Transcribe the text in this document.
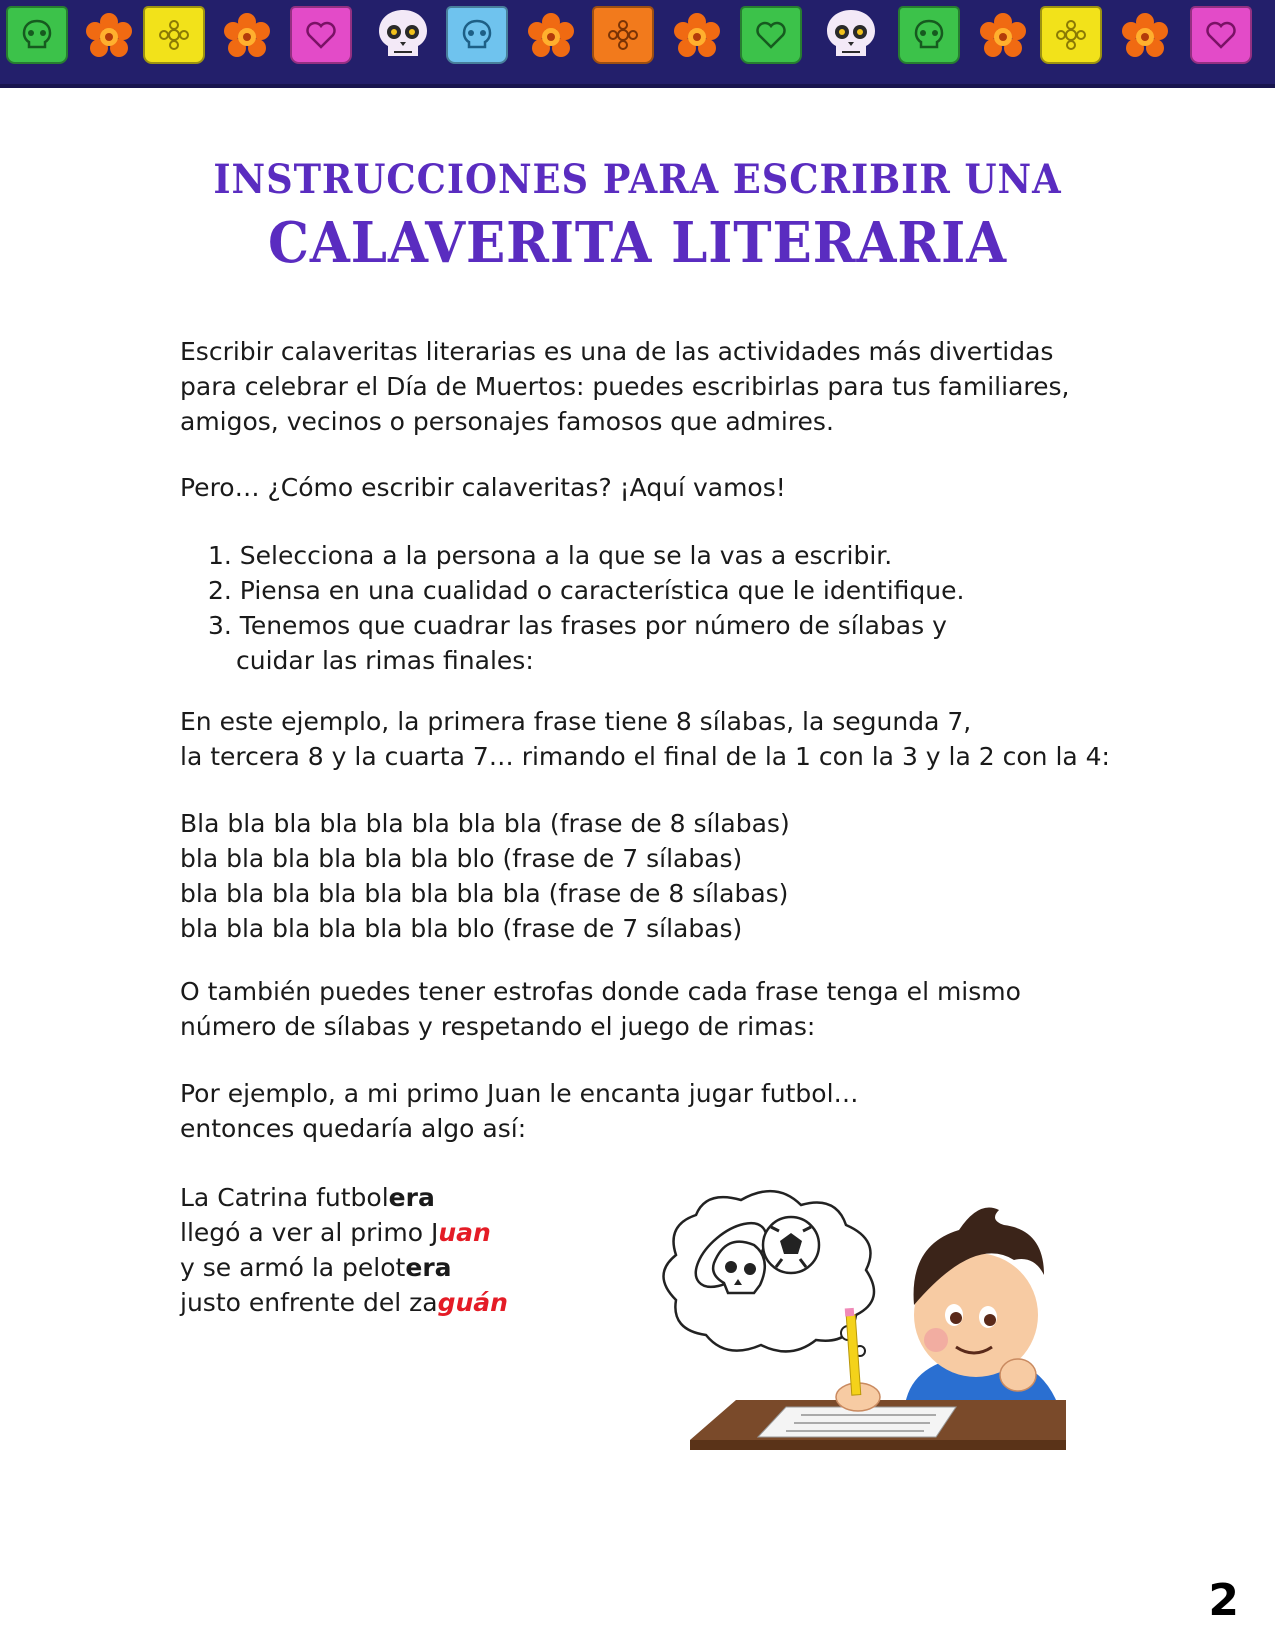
INSTRUCCIONES PARA ESCRIBIR UNA
CALAVERITA LITERARIA

Escribir calaveritas literarias es una de las actividades más divertidas

para celebrar el Día de Muertos: puedes escribirlas para tus familiares,

amigos, vecinos o personajes famosos que admires.

Pero… ¿Cómo escribir calaveritas? ¡Aquí vamos!

1. Selecciona a la persona a la que se la vas a escribir.

2. Piensa en una cualidad o característica que le identifique.

3. Tenemos que cuadrar las frases por número de sílabas y

cuidar las rimas finales:

En este ejemplo, la primera frase tiene 8 sílabas, la segunda 7,

la tercera 8 y la cuarta 7… rimando el final de la 1 con la 3 y la 2 con la 4:

Bla bla bla bla bla bla bla bla (frase de 8 sílabas)

bla bla bla bla bla bla blo (frase de 7 sílabas)

bla bla bla bla bla bla bla bla (frase de 8 sílabas)

bla bla bla bla bla bla blo (frase de 7 sílabas)

O también puedes tener estrofas donde cada frase tenga el mismo

número de sílabas y respetando el juego de rimas:

Por ejemplo, a mi primo Juan le encanta jugar futbol…

entonces quedaría algo así:

La Catrina futbolera

llegó a ver al primo Juan

y se armó la pelotera

justo enfrente del zaguán

2
